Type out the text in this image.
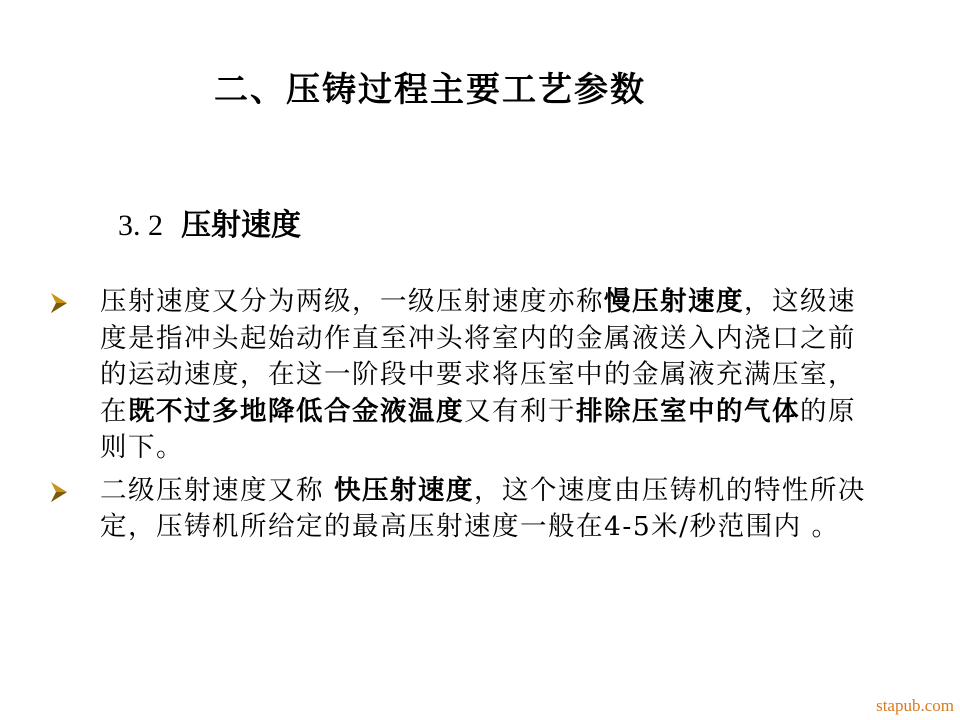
二、压铸过程主要工艺参数
3. 2 压射速度
压射速度又分为两级，一级压射速度亦称慢压射速度，这级速度是指冲头起始动作直至冲头将室内的金属液送入内浇口之前的运动速度，在这一阶段中要求将压室中的金属液充满压室，在既不过多地降低合金液温度又有利于排除压室中的气体的原则下。
二级压射速度又称 快压射速度，这个速度由压铸机的特性所决定，压铸机所给定的最高压射速度一般在4-5米/秒范围内 。
stapub.com
